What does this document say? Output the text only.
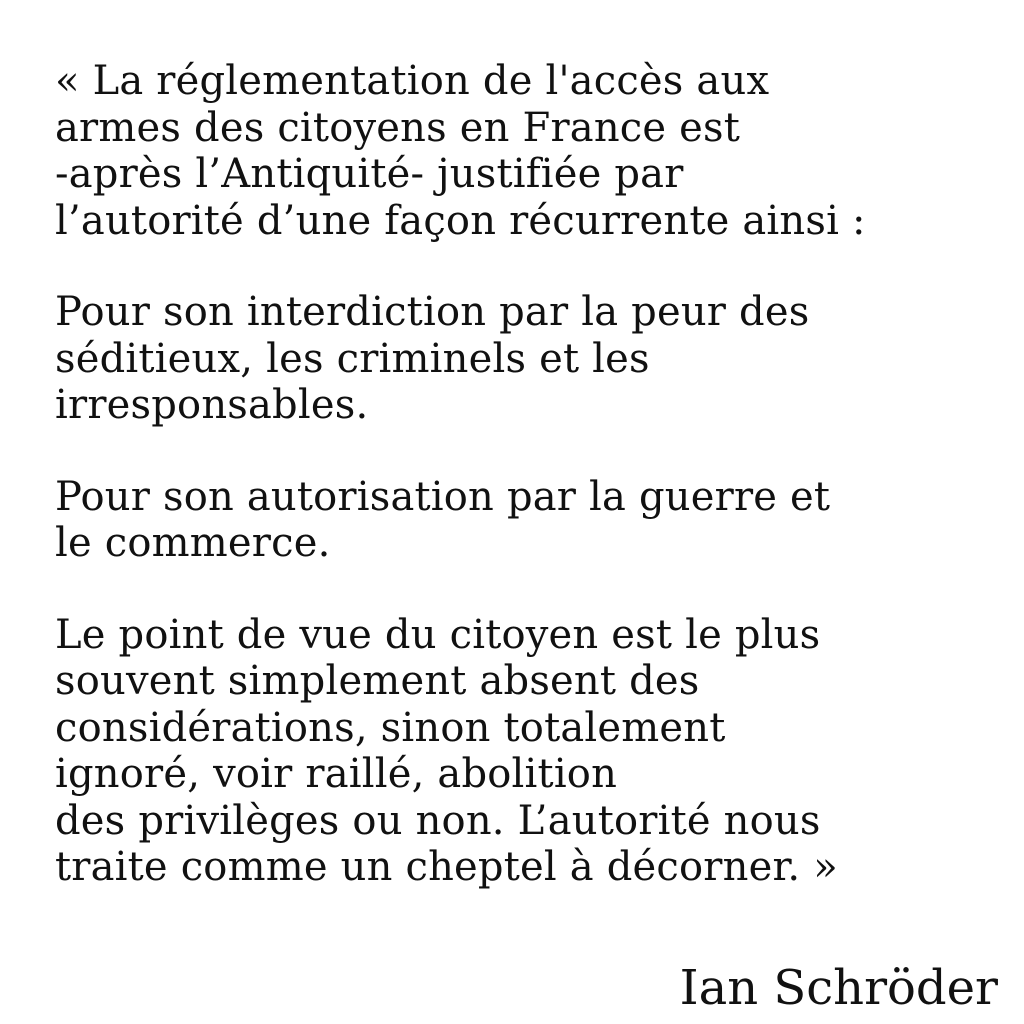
« La réglementation de l'accès aux
armes des citoyens en France est
-après l’Antiquité- justifiée par
l’autorité d’une façon récurrente ainsi :
Pour son interdiction par la peur des
séditieux, les criminels et les
irresponsables.
Pour son autorisation par la guerre et
le commerce.
Le point de vue du citoyen est le plus
souvent simplement absent des
considérations, sinon totalement
ignoré, voir raillé, abolition
des privilèges ou non. L’autorité nous
traite comme un cheptel à décorner. »
Ian Schröder
